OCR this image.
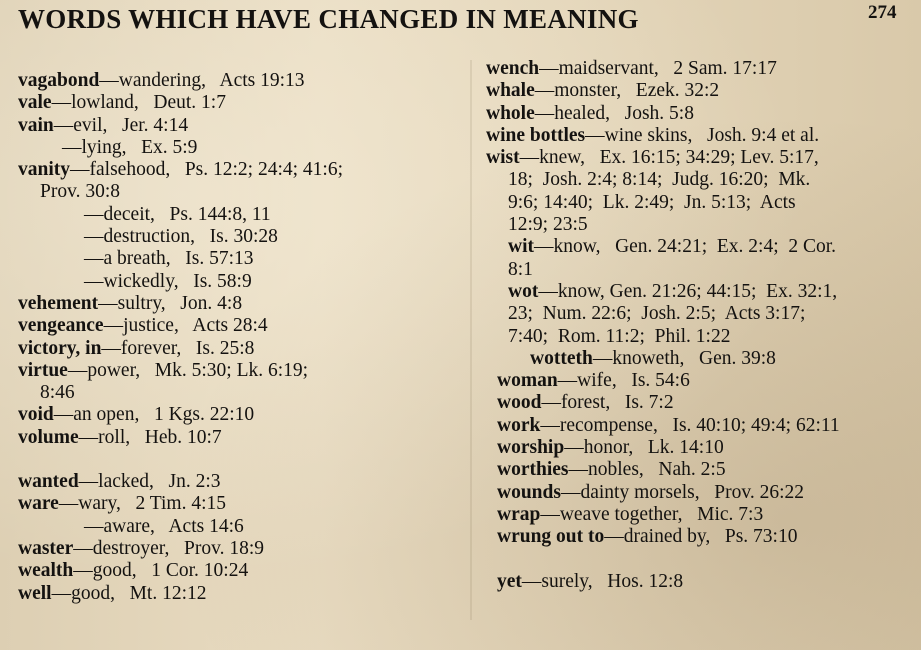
WORDS WHICH HAVE CHANGED IN MEANING	274
vagabond—wandering,   Acts 19:13
vale—lowland,   Deut. 1:7
vain—evil,   Jer. 4:14
—lying,   Ex. 5:9
vanity—falsehood,   Ps. 12:2; 24:4; 41:6;
Prov. 30:8
—deceit,   Ps. 144:8, 11
—destruction,   Is. 30:28
—a breath,   Is. 57:13
—wickedly,   Is. 58:9
vehement—sultry,   Jon. 4:8
vengeance—justice,   Acts 28:4
victory, in—forever,   Is. 25:8
virtue—power,   Mk. 5:30; Lk. 6:19;
8:46
void—an open,   1 Kgs. 22:10
volume—roll,   Heb. 10:7
wanted—lacked,   Jn. 2:3
ware—wary,   2 Tim. 4:15
—aware,   Acts 14:6
waster—destroyer,   Prov. 18:9
wealth—good,   1 Cor. 10:24
well—good,   Mt. 12:12
wench—maidservant,   2 Sam. 17:17
whale—monster,   Ezek. 32:2
whole—healed,   Josh. 5:8
wine bottles—wine skins,   Josh. 9:4 et al.
wist—knew,   Ex. 16:15; 34:29; Lev. 5:17,
18;  Josh. 2:4; 8:14;  Judg. 16:20;  Mk.
9:6; 14:40;  Lk. 2:49;  Jn. 5:13;  Acts
12:9; 23:5
wit—know,   Gen. 24:21;  Ex. 2:4;  2 Cor.
8:1
wot—know, Gen. 21:26; 44:15;  Ex. 32:1,
23;  Num. 22:6;  Josh. 2:5;  Acts 3:17;
7:40;  Rom. 11:2;  Phil. 1:22
wotteth—knoweth,   Gen. 39:8
woman—wife,   Is. 54:6
wood—forest,   Is. 7:2
work—recompense,   Is. 40:10; 49:4; 62:11
worship—honor,   Lk. 14:10
worthies—nobles,   Nah. 2:5
wounds—dainty morsels,   Prov. 26:22
wrap—weave together,   Mic. 7:3
wrung out to—drained by,   Ps. 73:10
yet—surely,   Hos. 12:8
